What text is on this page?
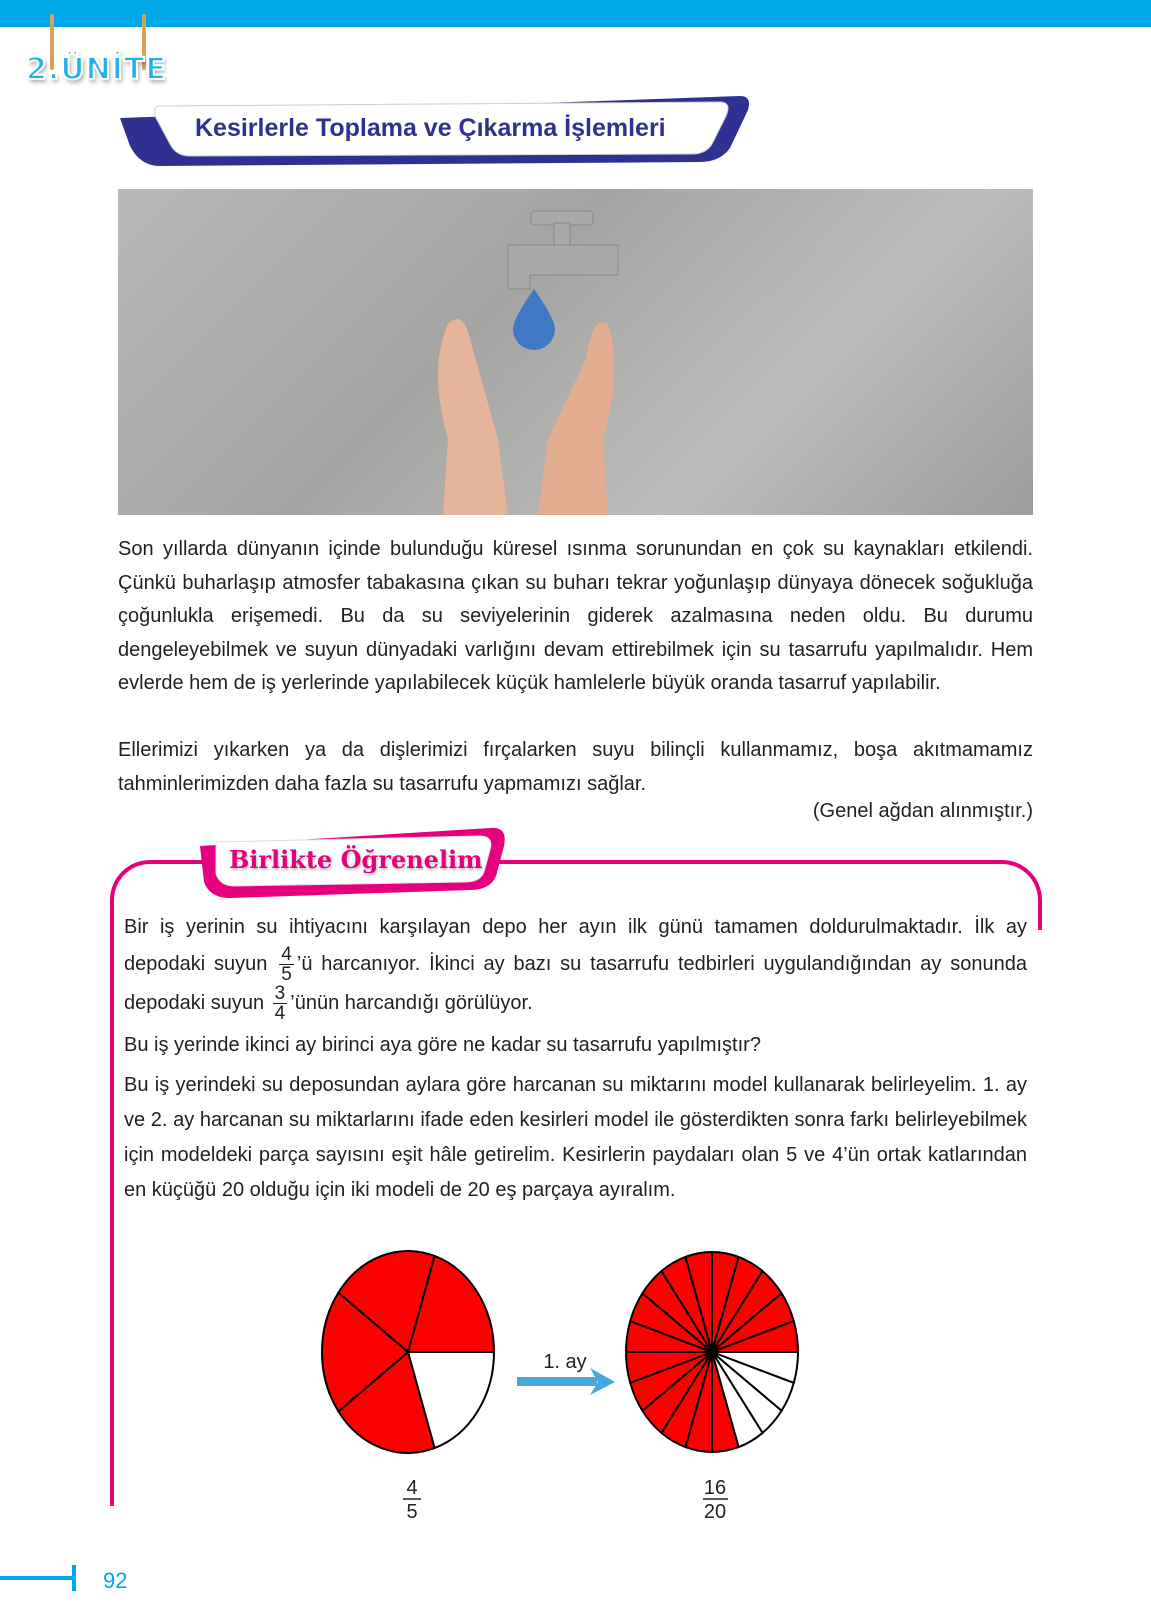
2.ÜNİTE
Kesirlerle Toplama ve Çıkarma İşlemleri

Son yıllarda dünyanın içinde bulunduğu küresel ısınma sorunundan en çok su kaynakları etkilendi. Çünkü buharlaşıp atmosfer tabakasına çıkan su buharı tekrar yoğunlaşıp dünyaya dönecek soğukluğa çoğunlukla erişemedi. Bu da su seviyelerinin giderek azalmasına neden oldu. Bu durumu dengeleyebilmek ve suyun dünyadaki varlığını devam ettirebilmek için su tasarrufu yapılmalıdır. Hem evlerde hem de iş yerlerinde yapılabilecek küçük hamlelerle büyük oranda tasarruf yapılabilir.

Ellerimizi yıkarken ya da dişlerimizi fırçalarken suyu bilinçli kullanmamız, boşa akıtmamamız tahminlerimizden daha fazla su tasarrufu yapmamızı sağlar.

(Genel ağdan alınmıştır.)
Birlikte Öğrenelim

Bir iş yerinin su ihtiyacını karşılayan depo her ayın ilk günü tamamen doldurulmaktadır. İlk ay depodaki suyun $\frac{4}{5}$ ’ü harcanıyor. İkinci ay bazı su tasarrufu tedbirleri uygulandığından ay sonunda depodaki suyun $\frac{3}{4}$ ’ünün harcandığı görülüyor.

Bu iş yerinde ikinci ay birinci aya göre ne kadar su tasarrufu yapılmıştır?

Bu iş yerindeki su deposundan aylara göre harcanan su miktarını model kullanarak belirleyelim. 1. ay ve 2. ay harcanan su miktarlarını ifade eden kesirleri model ile gösterdikten sonra farkı belirleyebilmek için modeldeki parça sayısını eşit hâle getirelim. Kesirlerin paydaları olan 5 ve 4’ün ortak katlarından en küçüğü 20 olduğu için iki modeli de 20 eş parçaya ayıralım.

1. ay
4
5
16
20
92
